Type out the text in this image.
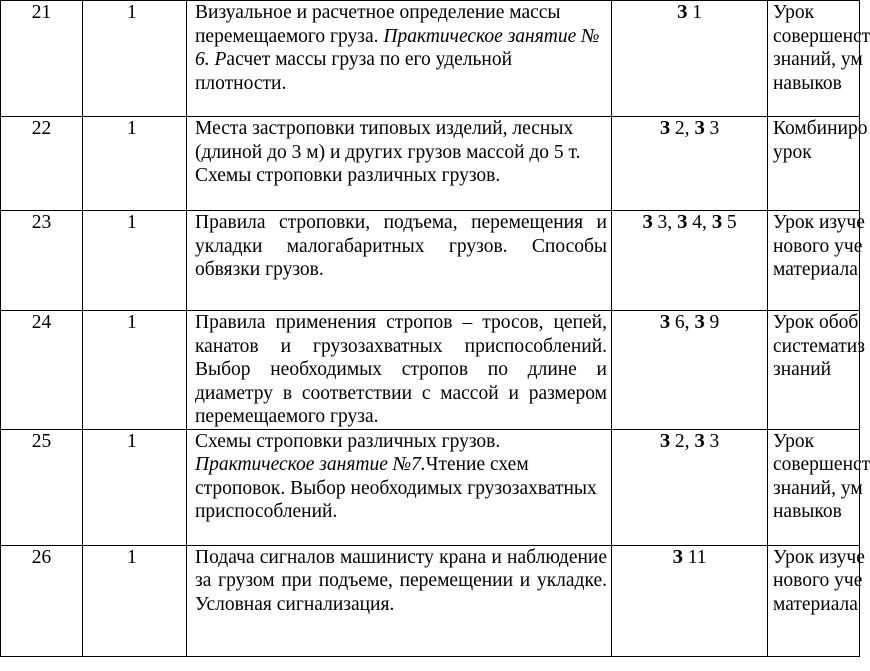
21	1	Визуальное и расчетное определение массы перемещаемого груза. Практическое занятие № 6. Расчет массы груза по его удельной плотности.	З 1	Урок
совершенст
знаний, ум
навыков

22	1	Места застроповки типовых изделий, лесных (длиной до 3 м) и других грузов массой до 5 т. Схемы строповки различных грузов.	З 2, З 3	Комбиниро
урок

23	1	Правила строповки, подъема, перемещения и укладки малогабаритных грузов. Способы обвязки грузов.	З 3, З 4, З 5	Урок изуче
нового уче
материала

24	1	Правила применения стропов – тросов, цепей, канатов и грузозахватных приспособлений. Выбор необходимых стропов по длине и диаметру в соответствии с массой и размером перемещаемого груза.	З 6, З 9	Урок обоб
систематиз
знаний

25	1	Схемы строповки различных грузов. Практическое занятие №7.Чтение схем строповок. Выбор необходимых грузозахватных приспособлений.	З 2, З 3	Урок
совершенст
знаний, ум
навыков

26	1	Подача сигналов машинисту крана и наблюдение за грузом при подъеме, перемещении и укладке. Условная сигнализация.	З 11	Урок изуче
нового уче
материала
